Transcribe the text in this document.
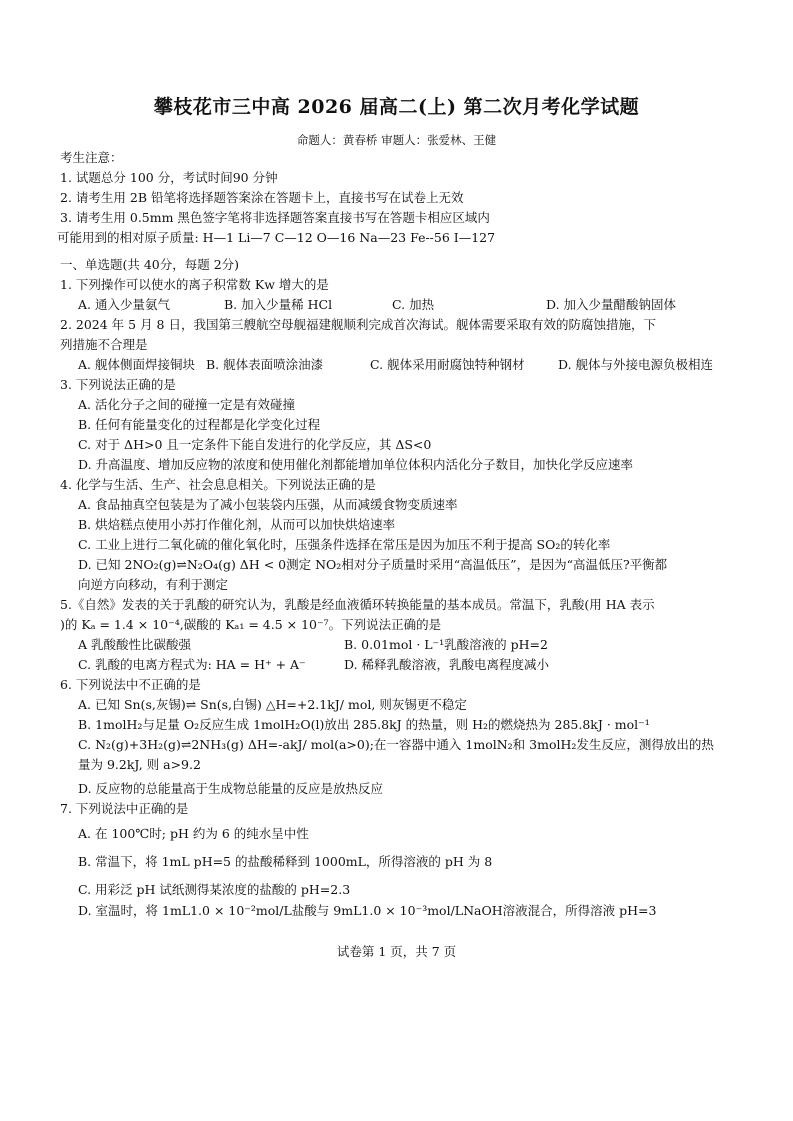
攀枝花市三中高 2026 届高二(上) 第二次月考化学试题
命题人：黄春桥 审题人：张爱林、王健
考生注意：
1. 试题总分 100 分，考试时间90 分钟
2. 请考生用 2B 铅笔将选择题答案涂在答题卡上，直接书写在试卷上无效
3. 请考生用 0.5mm 黑色签字笔将非选择题答案直接书写在答题卡相应区域内
可能用到的相对原子质量: H—1 Li—7 C—12 O—16 Na—23 Fe--56 I—127
一、单选题(共 40分，每题 2分)
1. 下列操作可以使水的离子积常数 Kw 增大的是
A. 通入少量氨气	B. 加入少量稀 HCl	C. 加热	D. 加入少量醋酸钠固体
2. 2024 年 5 月 8 日，我国第三艘航空母舰福建舰顺利完成首次海试。舰体需要采取有效的防腐蚀措施，下
列措施不合理是
A. 舰体侧面焊接铜块 B. 舰体表面喷涂油漆	C. 舰体采用耐腐蚀特种钢材	D. 舰体与外接电源负极相连
3. 下列说法正确的是
A. 活化分子之间的碰撞一定是有效碰撞
B. 任何有能量变化的过程都是化学变化过程
C. 对于 ΔH>0 且一定条件下能自发进行的化学反应，其 ΔS<0
D. 升高温度、增加反应物的浓度和使用催化剂都能增加单位体积内活化分子数目，加快化学反应速率
4. 化学与生活、生产、社会息息相关。下列说法正确的是
A. 食品抽真空包装是为了减小包装袋内压强，从而减缓食物变质速率
B. 烘焙糕点使用小苏打作催化剂，从而可以加快烘焙速率
C. 工业上进行二氧化硫的催化氧化时，压强条件选择在常压是因为加压不利于提高 SO₂的转化率
D. 已知 2NO₂(g)⇌N₂O₄(g) ΔH < 0测定 NO₂相对分子质量时采用“高温低压”，是因为“高温低压?平衡都
向逆方向移动，有利于测定
5.《自然》发表的关于乳酸的研究认为，乳酸是经血液循环转换能量的基本成员。常温下，乳酸(用 HA 表示
)的 Kₐ = 1.4 × 10⁻⁴,碳酸的 Kₐ₁ = 4.5 × 10⁻⁷。下列说法正确的是
A 乳酸酸性比碳酸强	B. 0.01mol · L⁻¹乳酸溶液的 pH=2
C. 乳酸的电离方程式为: HA = H⁺ + A⁻	D. 稀释乳酸溶液，乳酸电离程度减小
6. 下列说法中不正确的是
A. 已知 Sn(s,灰锡)⇌ Sn(s,白锡) △H=+2.1kJ/ mol, 则灰锡更不稳定
B. 1molH₂与足量 O₂反应生成 1molH₂O(l)放出 285.8kJ 的热量，则 H₂的燃烧热为 285.8kJ · mol⁻¹
C. N₂(g)+3H₂(g)⇌2NH₃(g) ΔH=-akJ/ mol(a>0);在一容器中通入 1molN₂和 3molH₂发生反应，测得放出的热
量为 9.2kJ, 则 a>9.2
D. 反应物的总能量高于生成物总能量的反应是放热反应
7. 下列说法中正确的是
A. 在 100℃时; pH 约为 6 的纯水呈中性
B. 常温下，将 1mL pH=5 的盐酸稀释到 1000mL，所得溶液的 pH 为 8
C. 用彩泛 pH 试纸测得某浓度的盐酸的 pH=2.3
D. 室温时，将 1mL1.0 × 10⁻²mol/L盐酸与 9mL1.0 × 10⁻³mol/LNaOH溶液混合，所得溶液 pH=3
试卷第 1 页，共 7 页
